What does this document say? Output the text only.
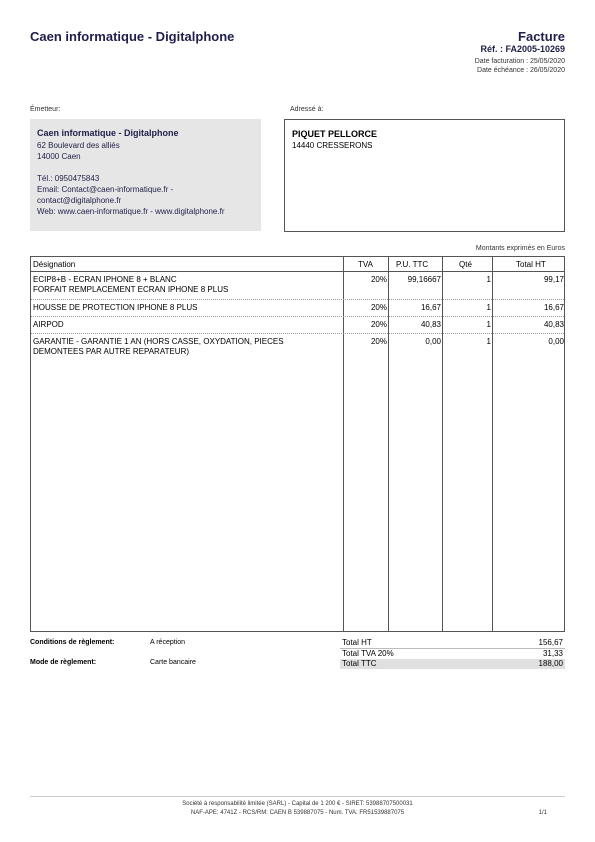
Caen informatique - Digitalphone	Facture
Réf. : FA2005-10269
Date facturation : 25/05/2020
Date échéance : 26/05/2020
Émetteur:	Adressé à:
Caen informatique - Digitalphone
62 Boulevard des alliés
14000 Caen
Tél.: 0950475843
Email: Contact@caen-informatique.fr -
contact@digitalphone.fr
Web: www.caen-informatique.fr - www.digitalphone.fr
PIQUET PELLORCE
14440 CRESSERONS
Montants exprimés en Euros
Désignation	TVA	P.U. TTC	Qté	Total HT
ECIP8+B - ECRAN IPHONE 8 + BLANC
FORFAIT REMPLACEMENT ECRAN IPHONE 8 PLUS
20%	99,16667	1	99,17
HOUSSE DE PROTECTION IPHONE 8 PLUS	20%	16,67	1	16,67
AIRPOD	20%	40,83	1	40,83
GARANTIE - GARANTIE 1 AN (HORS CASSE, OXYDATION, PIECES
DEMONTEES PAR AUTRE REPARATEUR)
20%	0,00	1	0,00
Conditions de règlement:	A réception
Mode de règlement:	Carte bancaire
Total HT	156,67
Total TVA 20%	31,33
Total TTC	188,00
Société à responsabilité limitée (SARL) - Capital de 1 200 € - SIRET: 53988707500031
NAF-APE: 4741Z - RCS/RM: CAEN B 539887075 - Num. TVA: FR51539887075	1/1
